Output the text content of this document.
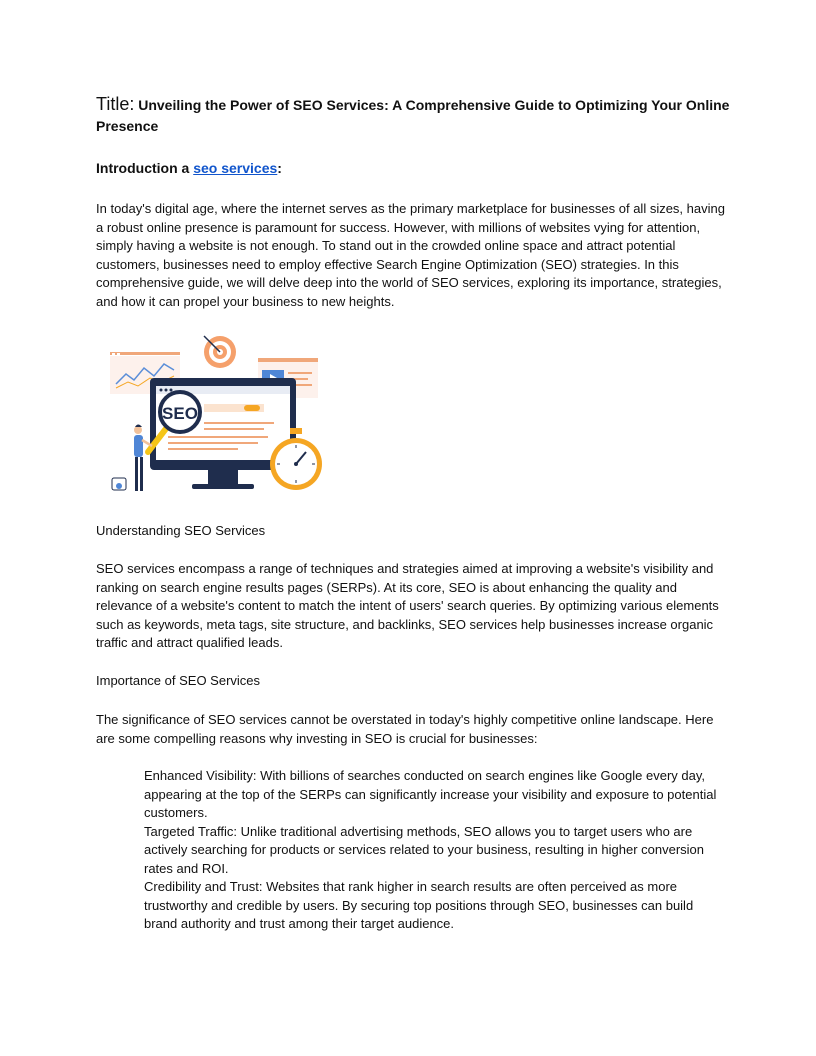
Title: Unveiling the Power of SEO Services: A Comprehensive Guide to Optimizing Your Online Presence
Introduction a seo services:
In today's digital age, where the internet serves as the primary marketplace for businesses of all sizes, having a robust online presence is paramount for success. However, with millions of websites vying for attention, simply having a website is not enough. To stand out in the crowded online space and attract potential customers, businesses need to employ effective Search Engine Optimization (SEO) strategies. In this comprehensive guide, we will delve deep into the world of SEO services, exploring its importance, strategies, and how it can propel your business to new heights.
Understanding SEO Services
SEO services encompass a range of techniques and strategies aimed at improving a website's visibility and ranking on search engine results pages (SERPs). At its core, SEO is about enhancing the quality and relevance of a website's content to match the intent of users' search queries. By optimizing various elements such as keywords, meta tags, site structure, and backlinks, SEO services help businesses increase organic traffic and attract qualified leads.
Importance of SEO Services
The significance of SEO services cannot be overstated in today's highly competitive online landscape. Here are some compelling reasons why investing in SEO is crucial for businesses:

Enhanced Visibility: With billions of searches conducted on search engines like Google every day, appearing at the top of the SERPs can significantly increase your visibility and exposure to potential customers.

Targeted Traffic: Unlike traditional advertising methods, SEO allows you to target users who are actively searching for products or services related to your business, resulting in higher conversion rates and ROI.

Credibility and Trust: Websites that rank higher in search results are often perceived as more trustworthy and credible by users. By securing top positions through SEO, businesses can build brand authority and trust among their target audience.

SEO
